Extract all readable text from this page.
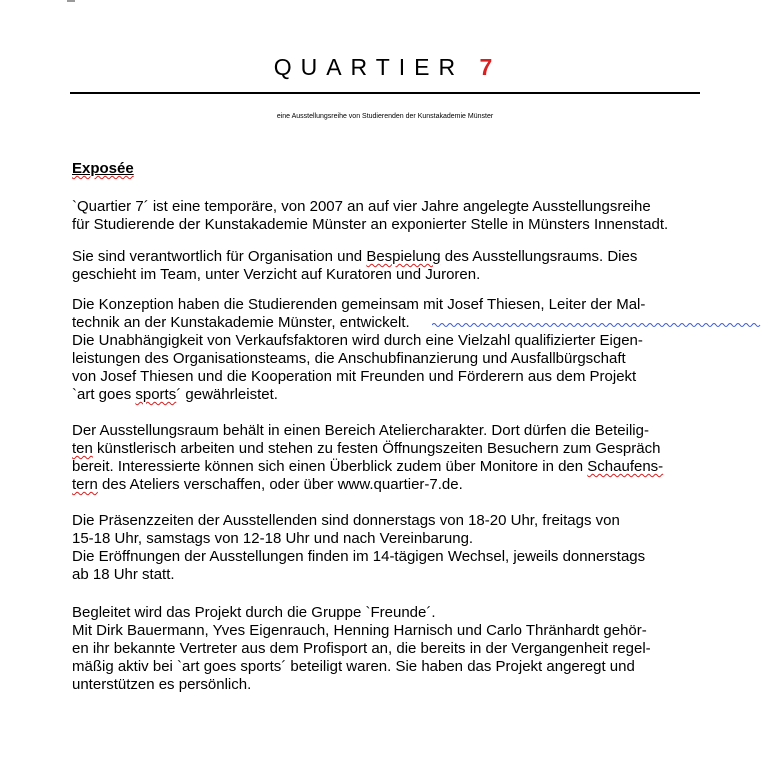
QUARTIER 7
eine Ausstellungsreihe von Studierenden der Kunstakademie Münster
Exposée
`Quartier 7´ ist eine temporäre, von 2007 an auf vier Jahre angelegte Ausstellungsreihe
für Studierende der Kunstakademie Münster an exponierter Stelle in Münsters Innenstadt.
Sie sind verantwortlich für Organisation und Bespielung des Ausstellungsraums. Dies
geschieht im Team, unter Verzicht auf Kuratoren und Juroren.
Die Konzeption haben die Studierenden gemeinsam mit Josef Thiesen, Leiter der Mal-
technik an der Kunstakademie Münster, entwickelt.
Die Unabhängigkeit von Verkaufsfaktoren wird durch eine Vielzahl qualifizierter Eigen-
leistungen des Organisationsteams, die Anschubfinanzierung und Ausfallbürgschaft
von Josef Thiesen und die Kooperation mit Freunden und Förderern aus dem Projekt
`art goes sports´ gewährleistet.
Der Ausstellungsraum behält in einen Bereich Ateliercharakter. Dort dürfen die Beteilig-
ten künstlerisch arbeiten und stehen zu festen Öffnungszeiten Besuchern zum Gespräch
bereit. Interessierte können sich einen Überblick zudem über Monitore in den Schaufens-
tern des Ateliers verschaffen, oder über www.quartier-7.de.
Die Präsenzzeiten der Ausstellenden sind donnerstags von 18-20 Uhr, freitags von
15-18 Uhr, samstags von 12-18 Uhr und nach Vereinbarung.
Die Eröffnungen der Ausstellungen finden im 14-tägigen Wechsel, jeweils donnerstags
ab 18 Uhr statt.
Begleitet wird das Projekt durch die Gruppe `Freunde´.
Mit Dirk Bauermann, Yves Eigenrauch, Henning Harnisch und Carlo Thränhardt gehör-
en ihr bekannte Vertreter aus dem Profisport an, die bereits in der Vergangenheit regel-
mäßig aktiv bei `art goes sports´ beteiligt waren. Sie haben das Projekt angeregt und
unterstützen es persönlich.
